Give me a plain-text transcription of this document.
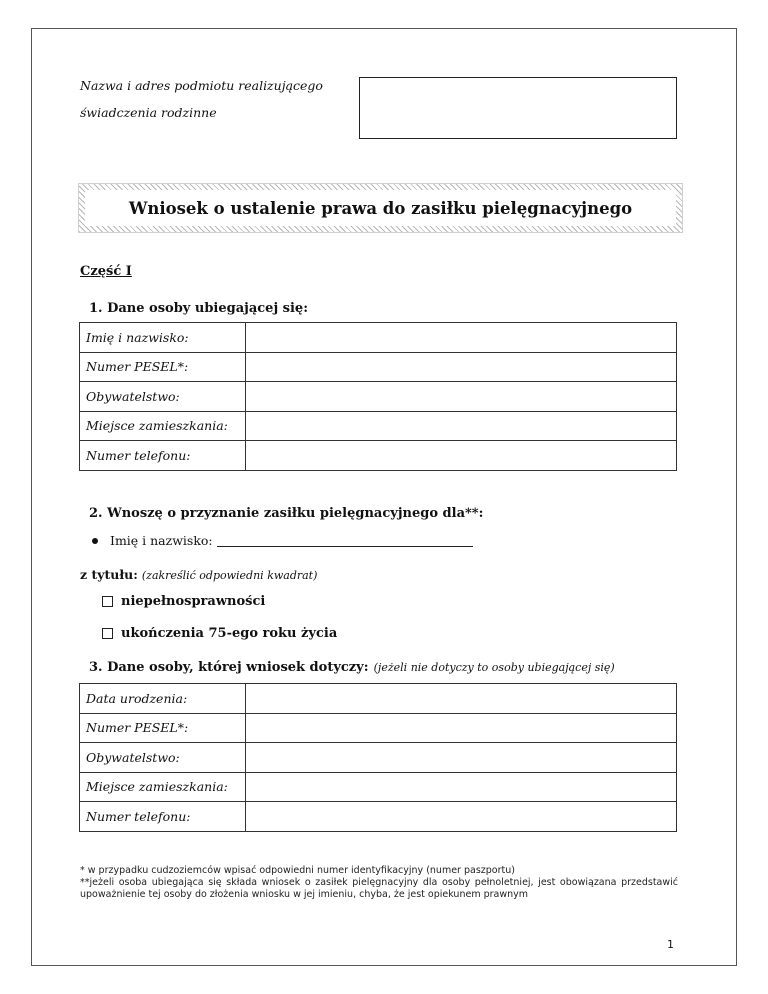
Nazwa i adres podmiotu realizującego
świadczenia rodzinne
Wniosek o ustalenie prawa do zasiłku pielęgnacyjnego
Część I
1. Dane osoby ubiegającej się:
Imię i nazwisko:	
Numer PESEL*:	
Obywatelstwo:	
Miejsce zamieszkania:	
Numer telefonu:	
2. Wnoszę o przyznanie zasiłku pielęgnacyjnego dla**:
Imię i nazwisko:
z tytułu: (zakreślić odpowiedni kwadrat)
niepełnosprawności
ukończenia 75-ego roku życia
3. Dane osoby, której wniosek dotyczy: (jeżeli nie dotyczy to osoby ubiegającej się)
Data urodzenia:	
Numer PESEL*:	
Obywatelstwo:	
Miejsce zamieszkania:	
Numer telefonu:	
* w przypadku cudzoziemców wpisać odpowiedni numer identyfikacyjny (numer paszportu)
**jeżeli osoba ubiegająca się składa wniosek o zasiłek pielęgnacyjny dla osoby pełnoletniej, jest obowiązana przedstawić upoważnienie tej osoby do złożenia wniosku w jej imieniu, chyba, że jest opiekunem prawnym
1
